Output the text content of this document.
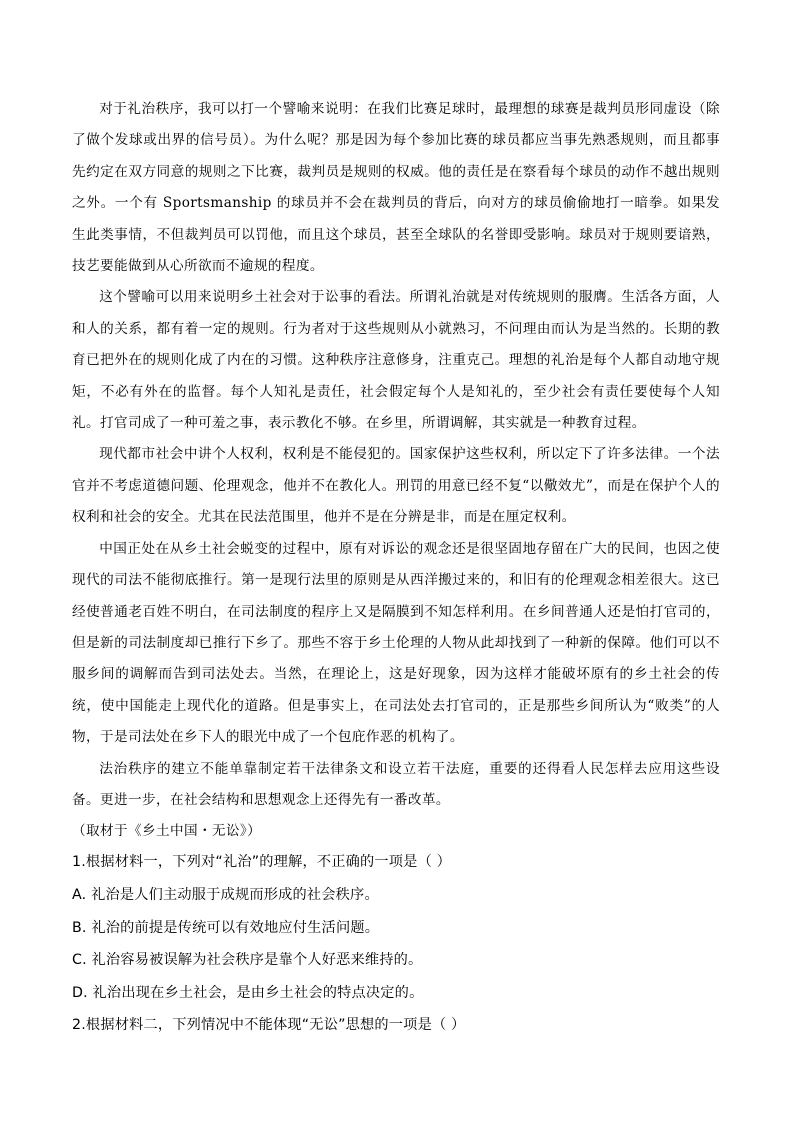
对于礼治秩序，我可以打一个譬喻来说明：在我们比赛足球时，最理想的球赛是裁判员形同虚设（除了做个发球或出界的信号员）。为什么呢？那是因为每个参加比赛的球员都应当事先熟悉规则，而且都事先约定在双方同意的规则之下比赛，裁判员是规则的权威。他的责任是在察看每个球员的动作不越出规则之外。一个有 Sportsmanship 的球员并不会在裁判员的背后，向对方的球员偷偷地打一暗拳。如果发生此类事情，不但裁判员可以罚他，而且这个球员，甚至全球队的名誉即受影响。球员对于规则要谙熟，技艺要能做到从心所欲而不逾规的程度。

这个譬喻可以用来说明乡土社会对于讼事的看法。所谓礼治就是对传统规则的服膺。生活各方面，人和人的关系，都有着一定的规则。行为者对于这些规则从小就熟习，不问理由而认为是当然的。长期的教育已把外在的规则化成了内在的习惯。这种秩序注意修身，注重克己。理想的礼治是每个人都自动地守规矩，不必有外在的监督。每个人知礼是责任，社会假定每个人是知礼的，至少社会有责任要使每个人知礼。打官司成了一种可羞之事，表示教化不够。在乡里，所谓调解，其实就是一种教育过程。

现代都市社会中讲个人权利，权利是不能侵犯的。国家保护这些权利，所以定下了许多法律。一个法官并不考虑道德问题、伦理观念，他并不在教化人。刑罚的用意已经不复“以儆效尤”，而是在保护个人的权利和社会的安全。尤其在民法范围里，他并不是在分辨是非，而是在厘定权利。

中国正处在从乡土社会蜕变的过程中，原有对诉讼的观念还是很坚固地存留在广大的民间，也因之使现代的司法不能彻底推行。第一是现行法里的原则是从西洋搬过来的，和旧有的伦理观念相差很大。这已经使普通老百姓不明白，在司法制度的程序上又是隔膜到不知怎样利用。在乡间普通人还是怕打官司的，但是新的司法制度却已推行下乡了。那些不容于乡土伦理的人物从此却找到了一种新的保障。他们可以不服乡间的调解而告到司法处去。当然，在理论上，这是好现象，因为这样才能破坏原有的乡土社会的传统，使中国能走上现代化的道路。但是事实上，在司法处去打官司的，正是那些乡间所认为“败类”的人物，于是司法处在乡下人的眼光中成了一个包庇作恶的机构了。

法治秩序的建立不能单靠制定若干法律条文和设立若干法庭，重要的还得看人民怎样去应用这些设备。更进一步，在社会结构和思想观念上还得先有一番改革。

（取材于《乡土中国・无讼》）

1.根据材料一，下列对“礼治”的理解，不正确的一项是（ ）

A. 礼治是人们主动服于成规而形成的社会秩序。

B. 礼治的前提是传统可以有效地应付生活问题。

C. 礼治容易被误解为社会秩序是靠个人好恶来维持的。

D. 礼治出现在乡土社会，是由乡土社会的特点决定的。

2.根据材料二，下列情况中不能体现“无讼”思想的一项是（ ）
